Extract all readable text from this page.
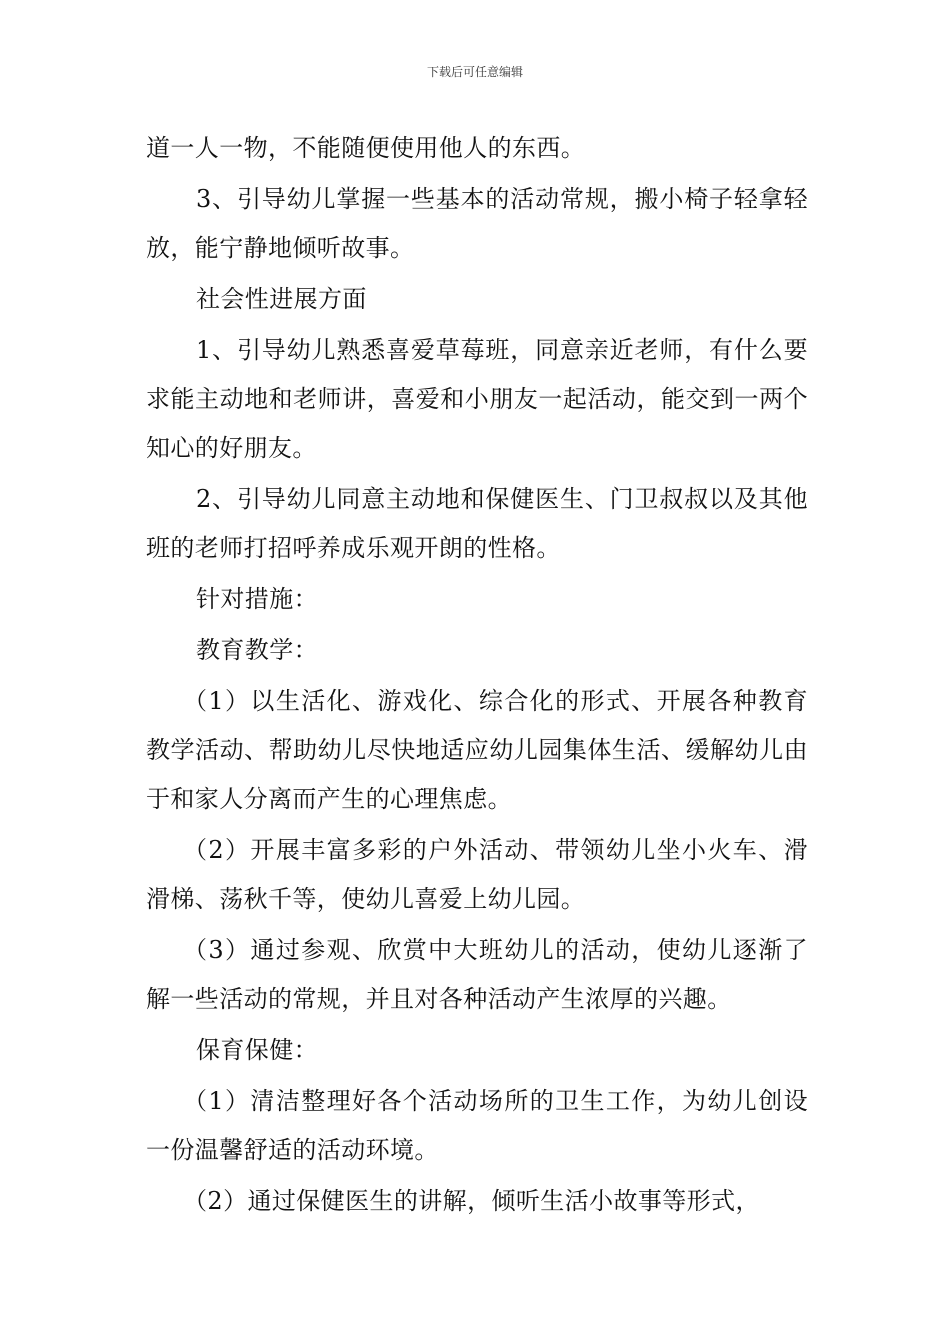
下载后可任意编辑

道一人一物，不能随便使用他人的东西。

3、引导幼儿掌握一些基本的活动常规，搬小椅子轻拿轻放，能宁静地倾听故事。

社会性进展方面

1、引导幼儿熟悉喜爱草莓班，同意亲近老师，有什么要求能主动地和老师讲，喜爱和小朋友一起活动，能交到一两个知心的好朋友。

2、引导幼儿同意主动地和保健医生、门卫叔叔以及其他班的老师打招呼养成乐观开朗的性格。

针对措施：

教育教学：

（1）以生活化、游戏化、综合化的形式、开展各种教育教学活动、帮助幼儿尽快地适应幼儿园集体生活、缓解幼儿由于和家人分离而产生的心理焦虑。

（2）开展丰富多彩的户外活动、带领幼儿坐小火车、滑滑梯、荡秋千等，使幼儿喜爱上幼儿园。

（3）通过参观、欣赏中大班幼儿的活动，使幼儿逐渐了解一些活动的常规，并且对各种活动产生浓厚的兴趣。

保育保健：

（1）清洁整理好各个活动场所的卫生工作，为幼儿创设一份温馨舒适的活动环境。

（2）通过保健医生的讲解，倾听生活小故事等形式，
